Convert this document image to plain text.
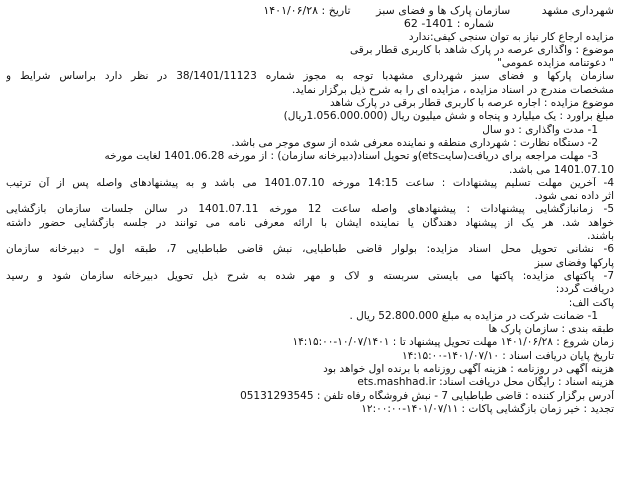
شهرداری مشهد سازمان پارک ها و فضای سبز تاریخ : ۱۴۰۱/۰۶/۲۸
شماره : 1401- 62
مزایده ارجاع کار نیاز به توان سنجی کیفی:ندارد
موضوع : واگذاری عرصه در پارک شاهد با کاربری قطار برقی
" دعوتنامه مزایده عمومی"
سازمان پارکها و فضای سبز شهرداری مشهدبا توجه به مجوز شماره 38/1401/11123 در نظر دارد براساس شرایط و
مشخصات مندرج در اسناد مزایده ، مزایده ای را به شرح ذیل برگزار نماید.
موضوع مزایده : اجاره عرصه با کاربری قطار برقی در پارک شاهد
مبلغ براورد : یک میلیارد و پنجاه و شش میلیون ریال (1.056.000.000ریال)
1- مدت واگذاری : دو سال
2- دستگاه نظارت : شهرداری منطقه و نماینده معرفی شده از سوی موجر می باشد.
3- مهلت مراجعه برای دریافت(سایتets)و تحویل اسناد(دبیرخانه سازمان) : از مورخه 1401.06.28 لغایت مورخه
1401.07.10 می باشد.
4- آخرین مهلت تسلیم پیشنهادات : ساعت 14:15 مورخه 1401.07.10 می باشد و به پیشنهادهای واصله پس از آن ترتیب
اثر داده نمی شود.
5- زمانبازگشایی پیشنهادات : پیشنهادهای واصله ساعت 12 مورخه 1401.07.11 در سالن جلسات سازمان بازگشایی
خواهد شد. هر یک از پیشنهاد دهندگان یا نماینده ایشان با ارائه معرفی نامه می توانند در جلسه بازگشایی حضور داشته
باشند.
6- نشانی تحویل محل اسناد مزایده: بولوار قاضی طباطبایی، نبش قاضی طباطبایی 7، طبقه اول – دبیرخانه سازمان
پارکها وفضای سبز
7- پاکتهای مزایده: پاکتها می بایستی سربسته و لاک و مهر شده به شرح ذیل تحویل دبیرخانه سازمان شود و رسید
دریافت گردد:
پاکت الف:
1- ضمانت شرکت در مزایده به مبلغ 52.800.000 ریال .
طبقه بندی : سازمان پارک ها
زمان شروع : ۱۴۰۱/۰۶/۲۸ مهلت تحویل پیشنهاد تا : ۱۰/۰۷/۱۴۰۱-۱۴:۱۵:۰۰
تاریخ پایان دریافت اسناد : ۱۴۰۱/۰۷/۱۰-۱۴:۱۵:۰۰
هزینه آگهی در روزنامه : هزینه آگهی روزنامه با برنده اول خواهد بود
هزینه اسناد : رایگان محل دریافت اسناد: ets.mashhad.ir
آدرس برگزار کننده : قاضی طباطبایی 7 - نبش فروشگاه رفاه تلفن : 05131293545
تجدید : خیر زمان بازگشایی پاکات : ۱۴۰۱/۰۷/۱۱-۱۲:۰۰:۰۰
